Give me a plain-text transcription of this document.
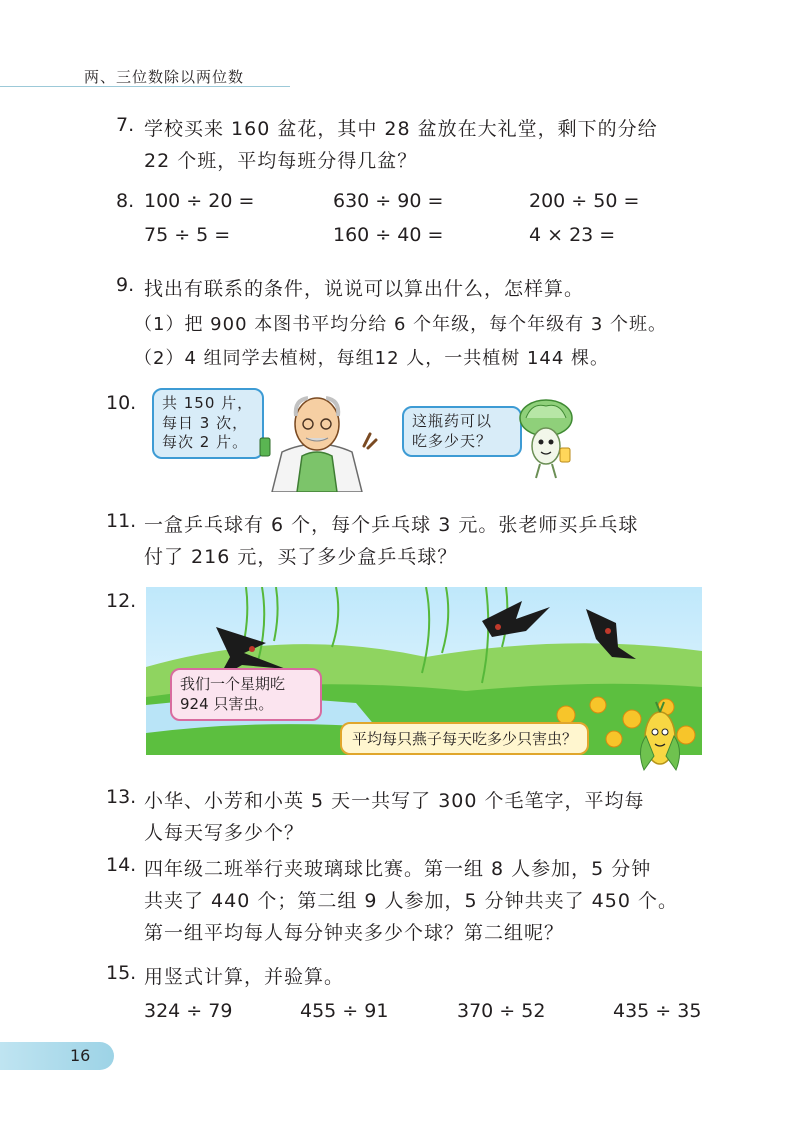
两、三位数除以两位数
7. 学校买来 160 盆花，其中 28 盆放在大礼堂，剩下的分给
22 个班，平均每班分得几盆？
8. 100 ÷ 20 =	630 ÷ 90 =	200 ÷ 50 =
75 ÷ 5 =	160 ÷ 40 =	4 × 23 =
9. 找出有联系的条件，说说可以算出什么，怎样算。
（1）把 900 本图书平均分给 6 个年级，每个年级有 3 个班。
（2）4 组同学去植树，每组12 人，一共植树 144 棵。
10. 共 150 片，
每日 3 次，
每次 2 片。
这瓶药可以
吃多少天？
11. 一盒乒乓球有 6 个，每个乒乓球 3 元。张老师买乒乓球
付了 216 元，买了多少盒乒乓球？
12.
我们一个星期吃
924 只害虫。
平均每只燕子每天吃多少只害虫？
13. 小华、小芳和小英 5 天一共写了 300 个毛笔字，平均每
人每天写多少个？
14. 四年级二班举行夹玻璃球比赛。第一组 8 人参加，5 分钟
共夹了 440 个；第二组 9 人参加，5 分钟共夹了 450 个。
第一组平均每人每分钟夹多少个球？第二组呢？
15. 用竖式计算，并验算。
324 ÷ 79	455 ÷ 91	370 ÷ 52	435 ÷ 35
16
